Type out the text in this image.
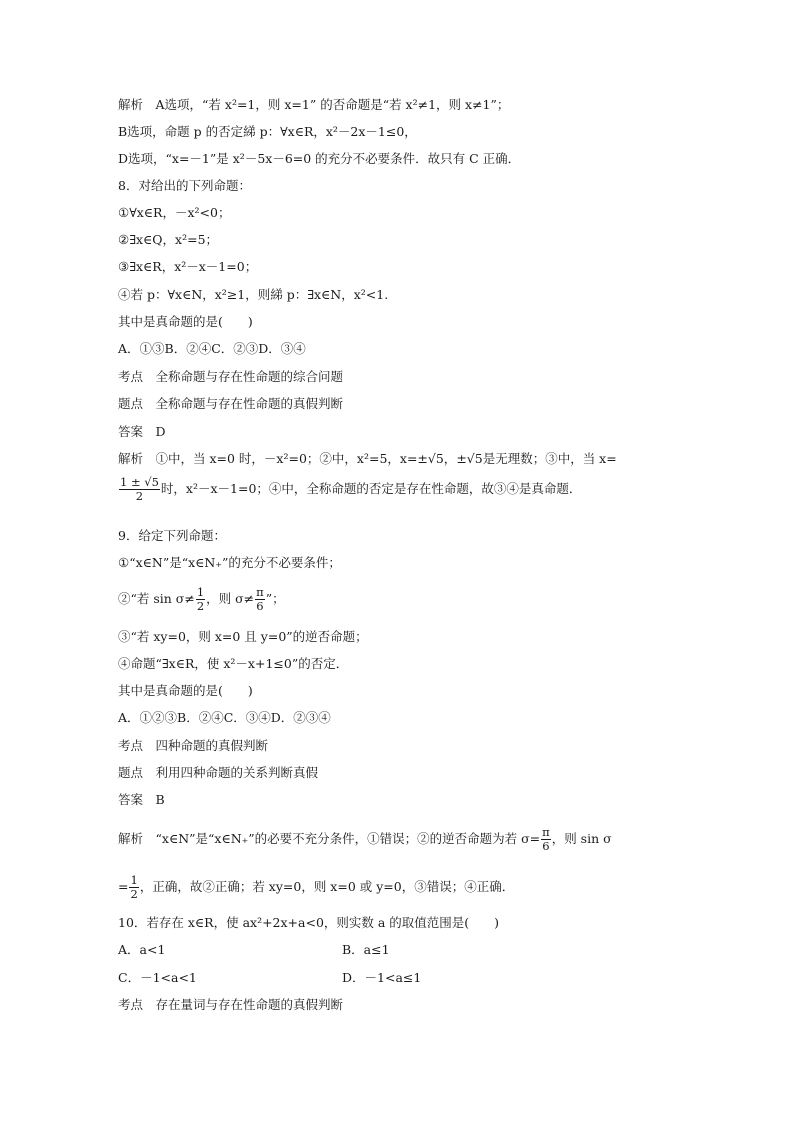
解析　A选项，“若 x²=1，则 x=1” 的否命题是“若 x²≠1，则 x≠1”；
B选项，命题 p 的否定綈 p：∀x∈R，x²－2x－1≤0，
D选项，“x=－1”是 x²－5x－6=0 的充分不必要条件．故只有 C 正确．
8．对给出的下列命题：
①∀x∈R，－x²<0；
②∃x∈Q，x²=5；
③∃x∈R，x²－x－1=0；
④若 p：∀x∈N，x²≥1，则綈 p：∃x∈N，x²<1.
其中是真命题的是(　　)
A．①③B．②④C．②③D．③④
考点　全称命题与存在性命题的综合问题
题点　全称命题与存在性命题的真假判断
答案　D
解析　①中，当 x=0 时，－x²=0；②中，x²=5，x=±√5，±√5是无理数；③中，当 x=
$\frac{1 \pm √5}{2}$ 时，x²－x－1=0；④中，全称命题的否定是存在性命题，故③④是真命题．
9．给定下列命题：
①“x∈N”是“x∈N₊”的充分不必要条件；
②“若 $\sin \sigma\ne \frac{1}{2}$ ，则 $\sigma\ne \frac{\pi}{6}$ ”；
③“若 xy=0，则 x=0 且 y=0”的逆否命题；
④命题“∃x∈R，使 x²－x+1≤0”的否定．
其中是真命题的是(　　)
A．①②③B．②④C．③④D．②③④
考点　四种命题的真假判断
题点　利用四种命题的关系判断真假
答案　B
解析　“x∈N”是“x∈N₊”的必要不充分条件，①错误；②的逆否命题为若 $\sigma= \frac{\pi}{6}$ ，则 sin σ
= $\frac{1}{2}$ ，正确，故②正确；若 xy=0，则 x=0 或 y=0，③错误；④正确．
10．若存在 x∈R，使 ax²+2x+a<0，则实数 a 的取值范围是(　　)
A．a<1	B．a≤1
C．－1<a<1	D．－1<a≤1
考点　存在量词与存在性命题的真假判断
